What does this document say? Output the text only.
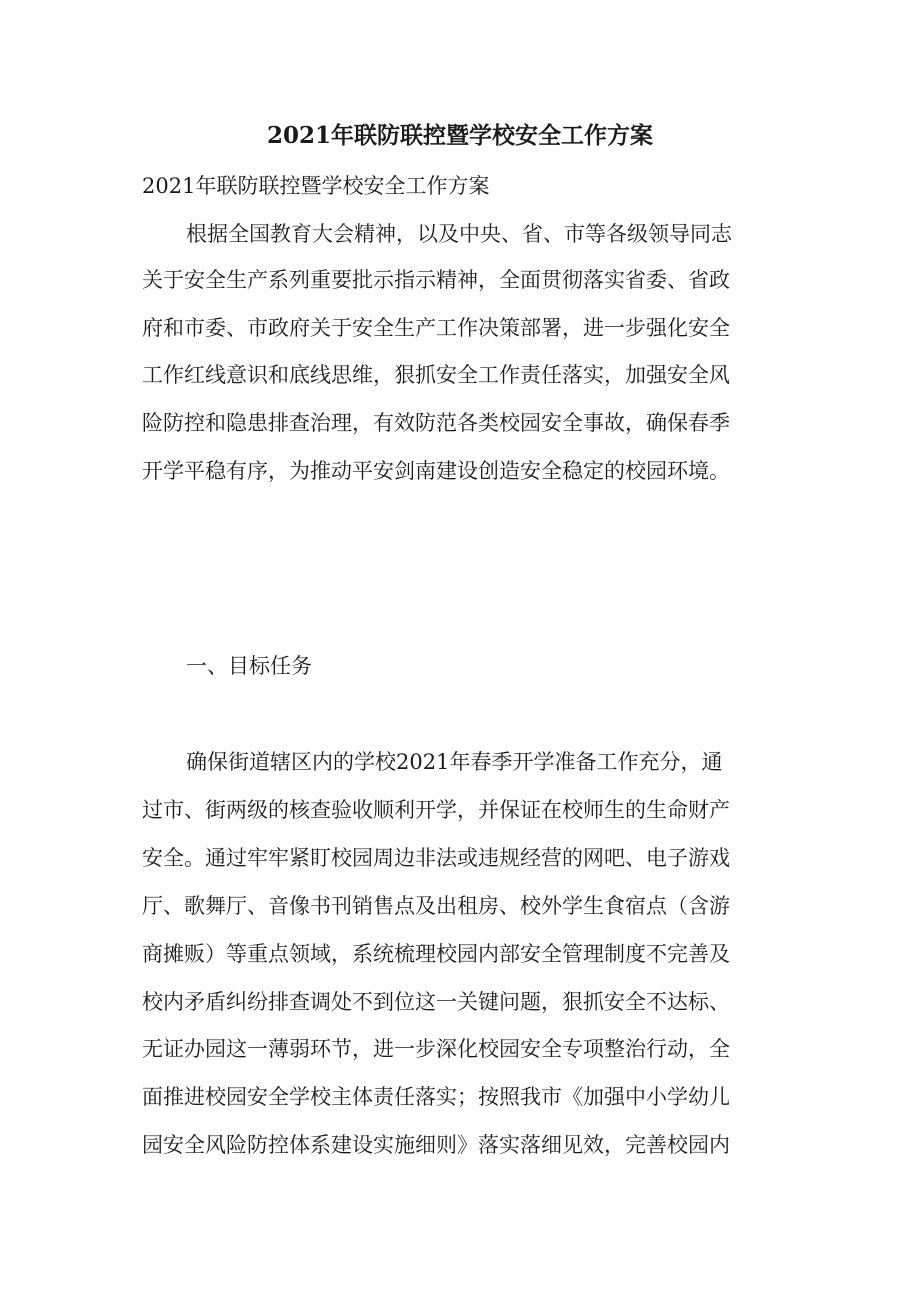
2021年联防联控暨学校安全工作方案
2021年联防联控暨学校安全工作方案
根据全国教育大会精神，以及中央、省、市等各级领导同志
关于安全生产系列重要批示指示精神，全面贯彻落实省委、省政
府和市委、市政府关于安全生产工作决策部署，进一步强化安全
工作红线意识和底线思维，狠抓安全工作责任落实，加强安全风
险防控和隐患排查治理，有效防范各类校园安全事故，确保春季
开学平稳有序，为推动平安剑南建设创造安全稳定的校园环境。
一、目标任务
确保街道辖区内的学校2021年春季开学准备工作充分，通
过市、街两级的核查验收顺利开学，并保证在校师生的生命财产
安全。通过牢牢紧盯校园周边非法或违规经营的网吧、电子游戏
厅、歌舞厅、音像书刊销售点及出租房、校外学生食宿点（含游
商摊贩）等重点领域，系统梳理校园内部安全管理制度不完善及
校内矛盾纠纷排查调处不到位这一关键问题，狠抓安全不达标、
无证办园这一薄弱环节，进一步深化校园安全专项整治行动，全
面推进校园安全学校主体责任落实；按照我市《加强中小学幼儿
园安全风险防控体系建设实施细则》落实落细见效，完善校园内
